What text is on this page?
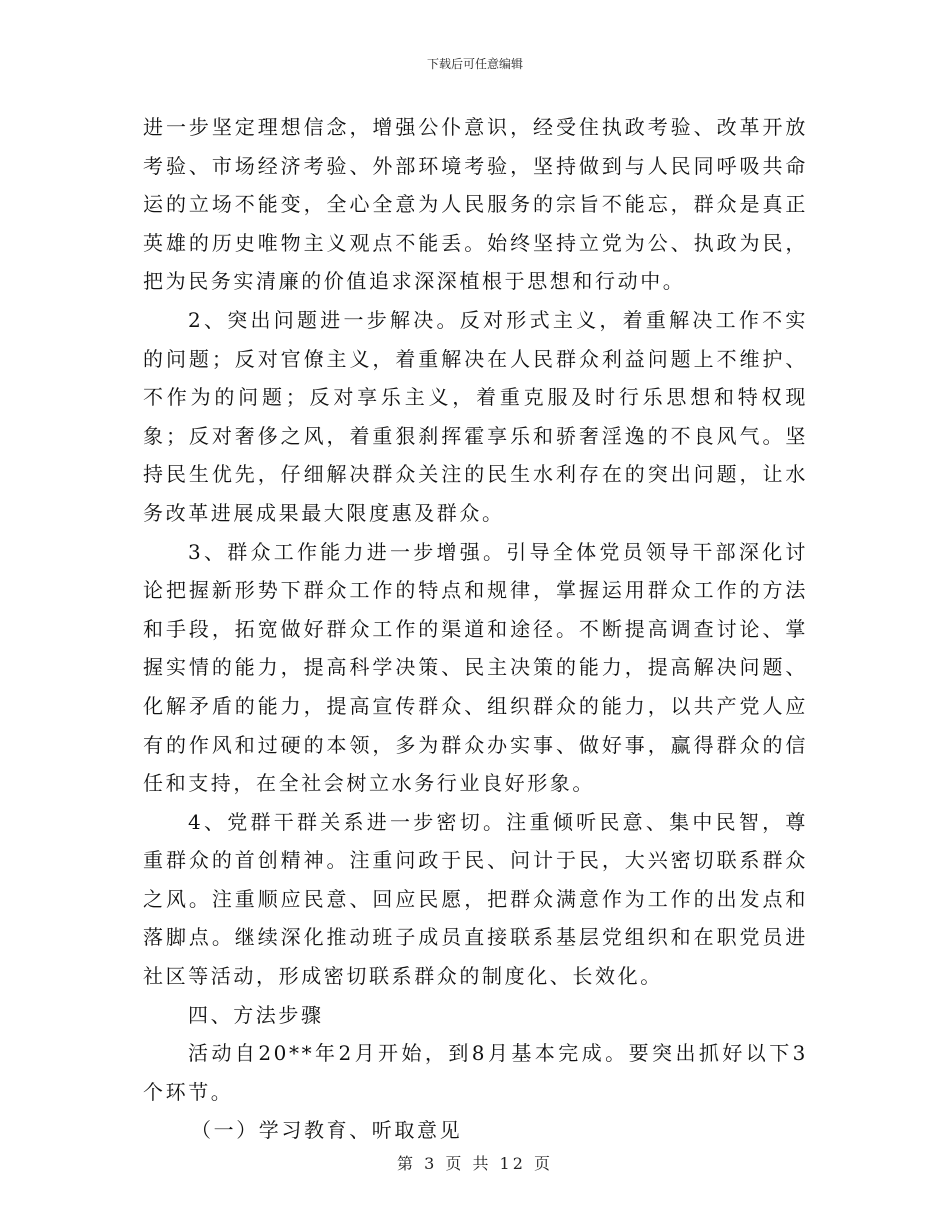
下载后可任意编辑

进一步坚定理想信念，增强公仆意识，经受住执政考验、改革开放考验、市场经济考验、外部环境考验，坚持做到与人民同呼吸共命运的立场不能变，全心全意为人民服务的宗旨不能忘，群众是真正英雄的历史唯物主义观点不能丢。始终坚持立党为公、执政为民，把为民务实清廉的价值追求深深植根于思想和行动中。

2、突出问题进一步解决。反对形式主义，着重解决工作不实的问题；反对官僚主义，着重解决在人民群众利益问题上不维护、不作为的问题；反对享乐主义，着重克服及时行乐思想和特权现象；反对奢侈之风，着重狠刹挥霍享乐和骄奢淫逸的不良风气。坚持民生优先，仔细解决群众关注的民生水利存在的突出问题，让水务改革进展成果最大限度惠及群众。

3、群众工作能力进一步增强。引导全体党员领导干部深化讨论把握新形势下群众工作的特点和规律，掌握运用群众工作的方法和手段，拓宽做好群众工作的渠道和途径。不断提高调查讨论、掌握实情的能力，提高科学决策、民主决策的能力，提高解决问题、化解矛盾的能力，提高宣传群众、组织群众的能力，以共产党人应有的作风和过硬的本领，多为群众办实事、做好事，赢得群众的信任和支持，在全社会树立水务行业良好形象。

4、党群干群关系进一步密切。注重倾听民意、集中民智，尊重群众的首创精神。注重问政于民、问计于民，大兴密切联系群众之风。注重顺应民意、回应民愿，把群众满意作为工作的出发点和落脚点。继续深化推动班子成员直接联系基层党组织和在职党员进社区等活动，形成密切联系群众的制度化、长效化。

四、方法步骤

活动自20**年2月开始，到8月基本完成。要突出抓好以下3个环节。

（一）学习教育、听取意见

第 3 页 共 12 页
